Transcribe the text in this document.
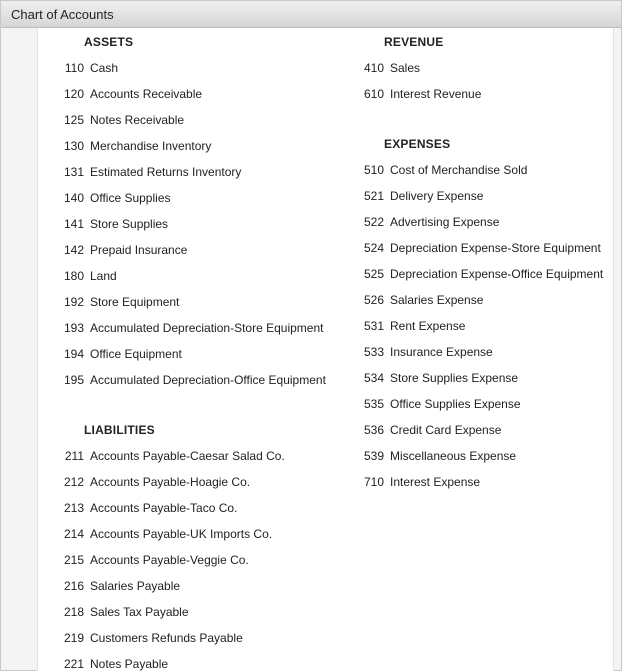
Chart of Accounts
ASSETS
110 Cash
120 Accounts Receivable
125 Notes Receivable
130 Merchandise Inventory
131 Estimated Returns Inventory
140 Office Supplies
141 Store Supplies
142 Prepaid Insurance
180 Land
192 Store Equipment
193 Accumulated Depreciation-Store Equipment
194 Office Equipment
195 Accumulated Depreciation-Office Equipment
LIABILITIES
211 Accounts Payable-Caesar Salad Co.
212 Accounts Payable-Hoagie Co.
213 Accounts Payable-Taco Co.
214 Accounts Payable-UK Imports Co.
215 Accounts Payable-Veggie Co.
216 Salaries Payable
218 Sales Tax Payable
219 Customers Refunds Payable
221 Notes Payable
REVENUE
410 Sales
610 Interest Revenue
EXPENSES
510 Cost of Merchandise Sold
521 Delivery Expense
522 Advertising Expense
524 Depreciation Expense-Store Equipment
525 Depreciation Expense-Office Equipment
526 Salaries Expense
531 Rent Expense
533 Insurance Expense
534 Store Supplies Expense
535 Office Supplies Expense
536 Credit Card Expense
539 Miscellaneous Expense
710 Interest Expense
